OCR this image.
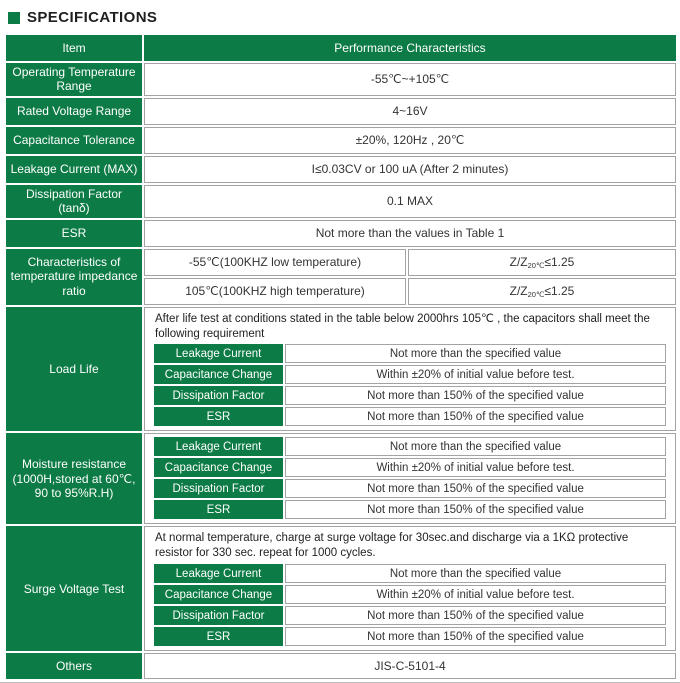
SPECIFICATIONS
Item	Performance Characteristics
Operating Temperature Range	-55℃~+105℃
Rated Voltage Range	4~16V
Capacitance Tolerance	±20%, 120Hz , 20℃
Leakage Current (MAX)	I≤0.03CV or 100 uA (After 2 minutes)
Dissipation Factor (tanδ)	0.1 MAX
ESR	Not more than the values in Table 1
Characteristics of temperature impedance ratio
-55℃(100KHZ low temperature)	Z/Z 20℃ ≤1.25
105℃(100KHZ high temperature)	Z/Z 20℃ ≤1.25
Load Life
After life test at conditions stated in the table below 2000hrs 105℃ , the capacitors shall meet the following requirement
Leakage Current	Not more than the specified value
Capacitance Change	Within ±20% of initial value before test.
Dissipation Factor	Not more than 150% of the specified value
ESR	Not more than 150% of the specified value
Moisture resistance (1000H,stored at 60℃, 90 to 95%R.H)
Leakage Current	Not more than the specified value
Capacitance Change	Within ±20% of initial value before test.
Dissipation Factor	Not more than 150% of the specified value
ESR	Not more than 150% of the specified value
Surge Voltage Test
At normal temperature, charge at surge voltage for 30sec.and discharge via a 1KΩ protective resistor for 330 sec. repeat for 1000 cycles.
Leakage Current	Not more than the specified value
Capacitance Change	Within ±20% of initial value before test.
Dissipation Factor	Not more than 150% of the specified value
ESR	Not more than 150% of the specified value
Others	JIS-C-5101-4
